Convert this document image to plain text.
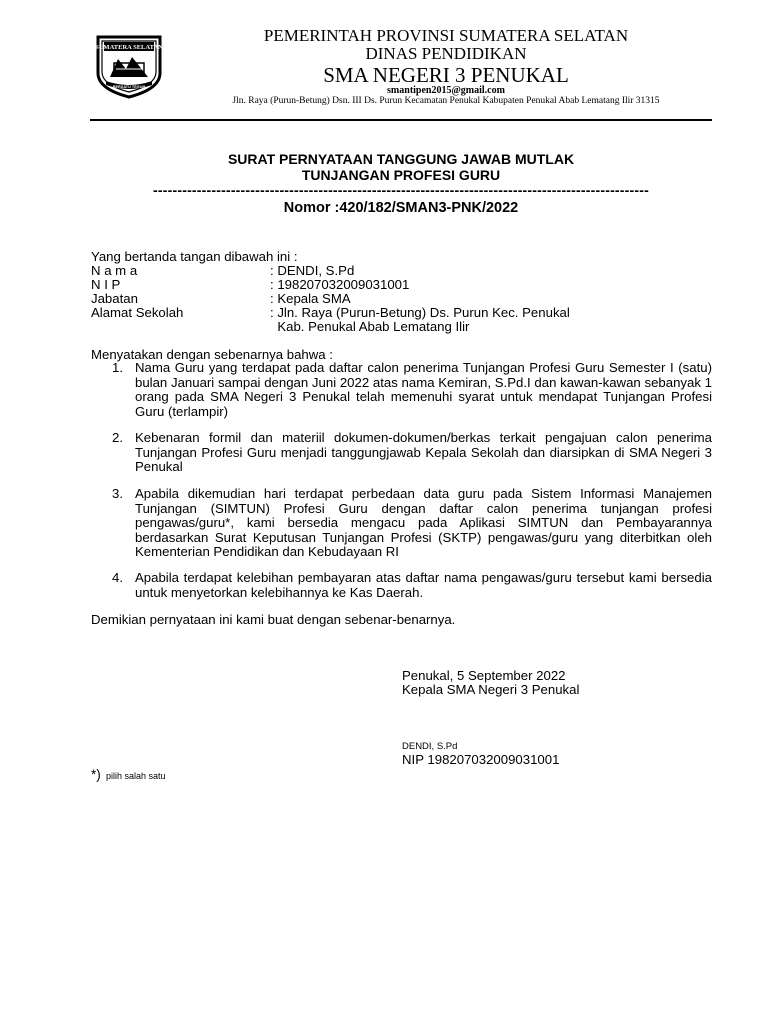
SUMATERA SELATAN
BERSATU TEGUH
PEMERINTAH PROVINSI SUMATERA SELATAN
DINAS PENDIDIKAN
SMA NEGERI 3 PENUKAL
smantipen2015@gmail.com
Jln. Raya (Purun-Betung) Dsn. III Ds. Purun Kecamatan Penukal Kabupaten Penukal Abab Lematang Ilir 31315
SURAT PERNYATAAN TANGGUNG JAWAB MUTLAK
TUNJANGAN PROFESI GURU
------------------------------------------------------------------------------------------------------
Nomor :420/182/SMAN3-PNK/2022
Yang bertanda tangan dibawah ini :
N a m a	: DENDI, S.Pd
N I P	: 198207032009031001
Jabatan	: Kepala SMA
Alamat Sekolah	: Jln. Raya (Purun-Betung) Ds. Purun Kec. Penukal
Kab. Penukal Abab Lematang Ilir
Menyatakan dengan sebenarnya bahwa :
1. Nama Guru yang terdapat pada daftar calon penerima Tunjangan Profesi Guru Semester I (satu) bulan Januari sampai dengan Juni 2022 atas nama Kemiran, S.Pd.I dan kawan-kawan sebanyak 1 orang pada SMA Negeri 3 Penukal telah memenuhi syarat untuk mendapat Tunjangan Profesi Guru (terlampir)
2. Kebenaran formil dan materiil dokumen-dokumen/berkas terkait pengajuan calon penerima Tunjangan Profesi Guru menjadi tanggungjawab Kepala Sekolah dan diarsipkan di SMA Negeri 3 Penukal
3. Apabila dikemudian hari terdapat perbedaan data guru pada Sistem Informasi Manajemen Tunjangan (SIMTUN) Profesi Guru dengan daftar calon penerima tunjangan profesi pengawas/guru*, kami bersedia mengacu pada Aplikasi SIMTUN dan Pembayarannya berdasarkan Surat Keputusan Tunjangan Profesi (SKTP) pengawas/guru yang diterbitkan oleh Kementerian Pendidikan dan Kebudayaan RI
4. Apabila terdapat kelebihan pembayaran atas daftar nama pengawas/guru tersebut kami bersedia untuk menyetorkan kelebihannya ke Kas Daerah.
Demikian pernyataan ini kami buat dengan sebenar-benarnya.
Penukal, 5 September 2022
Kepala SMA Negeri 3 Penukal
DENDI, S.Pd
NIP 198207032009031001
*) pilih salah satu
